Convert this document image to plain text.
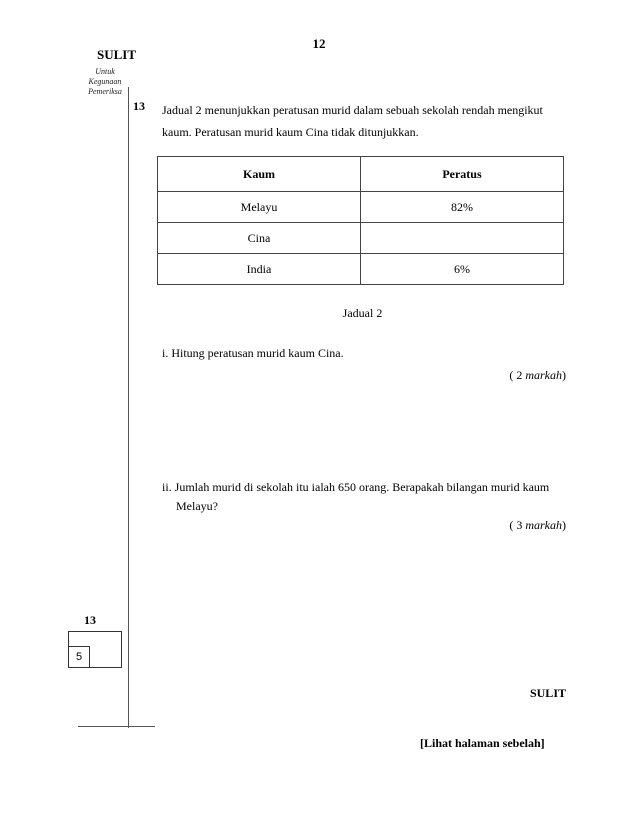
12
SULIT
Untuk
Kegunaan
Pemeriksa
13 Jadual 2 menunjukkan peratusan murid dalam sebuah sekolah rendah mengikut
kaum. Peratusan murid kaum Cina tidak ditunjukkan.
Kaum	Peratus
Melayu	82%
Cina	
India	6%
Jadual 2
i. Hitung peratusan murid kaum Cina.
( 2 markah)
ii. Jumlah murid di sekolah itu ialah 650 orang. Berapakah bilangan murid kaum
Melayu?
( 3 markah)
13
5
SULIT
[Lihat halaman sebelah]
